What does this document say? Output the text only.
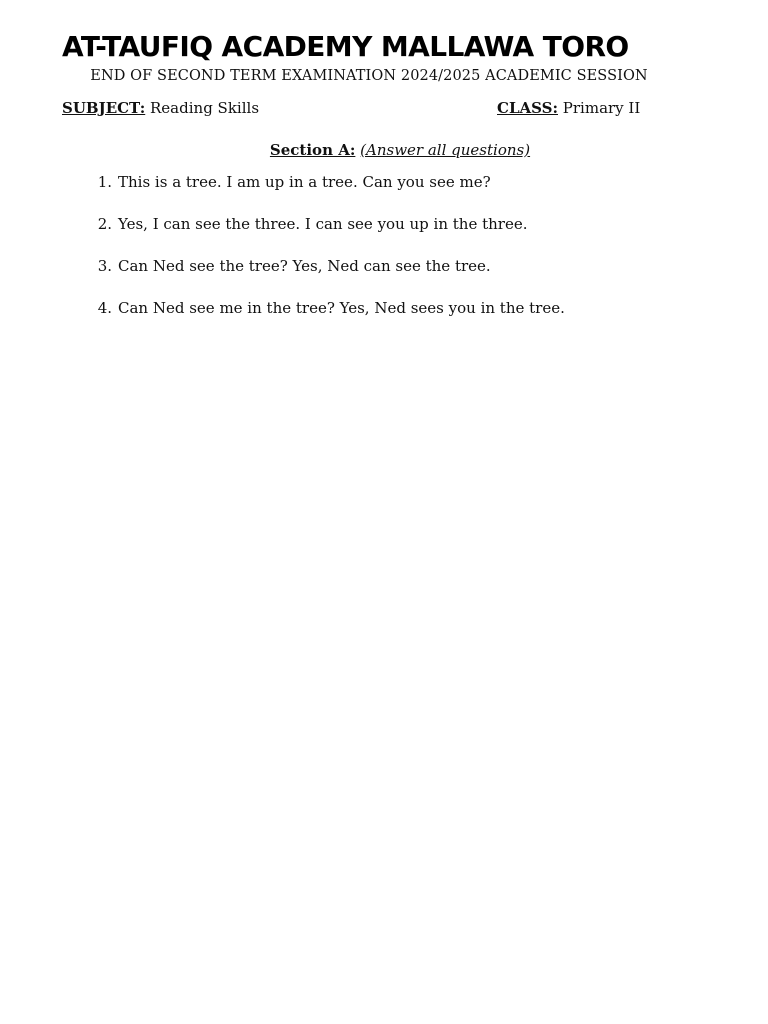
AT-TAUFIQ ACADEMY MALLAWA TORO
END OF SECOND TERM EXAMINATION 2024/2025 ACADEMIC SESSION
SUBJECT: Reading Skills	CLASS: Primary II
Section A: (Answer all questions)
1. This is a tree. I am up in a tree. Can you see me?
2. Yes, I can see the three. I can see you up in the three.
3. Can Ned see the tree? Yes, Ned can see the tree.
4. Can Ned see me in the tree? Yes, Ned sees you in the tree.
